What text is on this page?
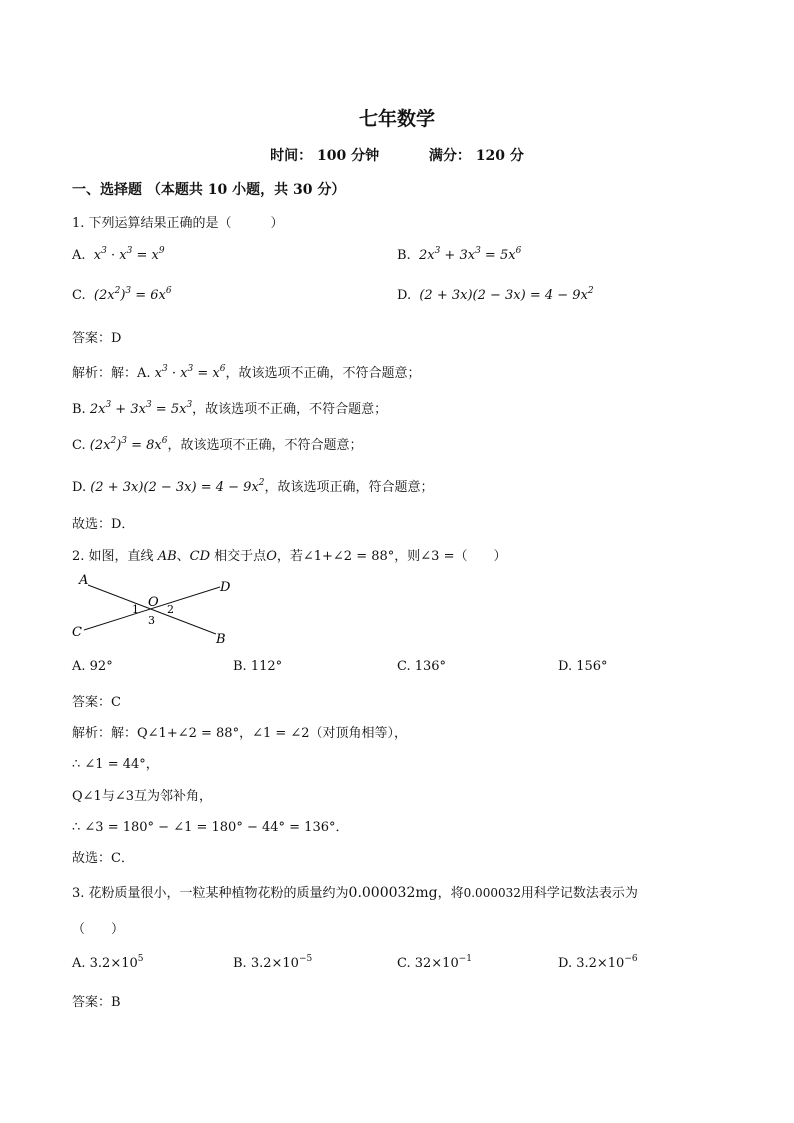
七年数学
时间： 100 分钟	满分： 120 分
一、选择题 （本题共 10 小题，共 30 分）
1. 下列运算结果正确的是（　　　）
A. $x^3 \cdot x^3 = x^9$	B. $2x^3 + 3x^3 = 5x^6$
C. $(2x^2)^3 = 6x^6$	D. $(2 + 3x)(2 - 3x) = 4 - 9x^2$
答案：D
解析：解：A. $x^3 \cdot x^3 = x^6$，故该选项不正确，不符合题意；
B. $2x^3 + 3x^3 = 5x^3$，故该选项不正确，不符合题意；
C. $(2x^2)^3 = 8x^6$，故该选项不正确，不符合题意；
D. $(2 + 3x)(2 - 3x) = 4 - 9x^2$，故该选项正确，符合题意；
故选：D．
2. 如图，直线 AB、CD 相交于点O，若∠1+∠2 = 88°，则∠3 =（　　）
A	D
C	B
O
1	2
3
A. 92°	B. 112°	C. 136°	D. 156°
答案：C
解析：解：Q∠1+∠2 = 88°，∠1 = ∠2（对顶角相等），
∴ ∠1 = 44°，
Q∠1与∠3互为邻补角，
∴ ∠3 = 180° − ∠1 = 180° − 44° = 136°．
故选：C．
3. 花粉质量很小，一粒某种植物花粉的质量约为0.000032mg，将0.000032用科学记数法表示为
（　　）
A. $3.2\times 10^5$	B. $3.2\times 10^{-5}$	C. $32\times 10^{-1}$	D. $3.2\times 10^{-6}$
答案：B
